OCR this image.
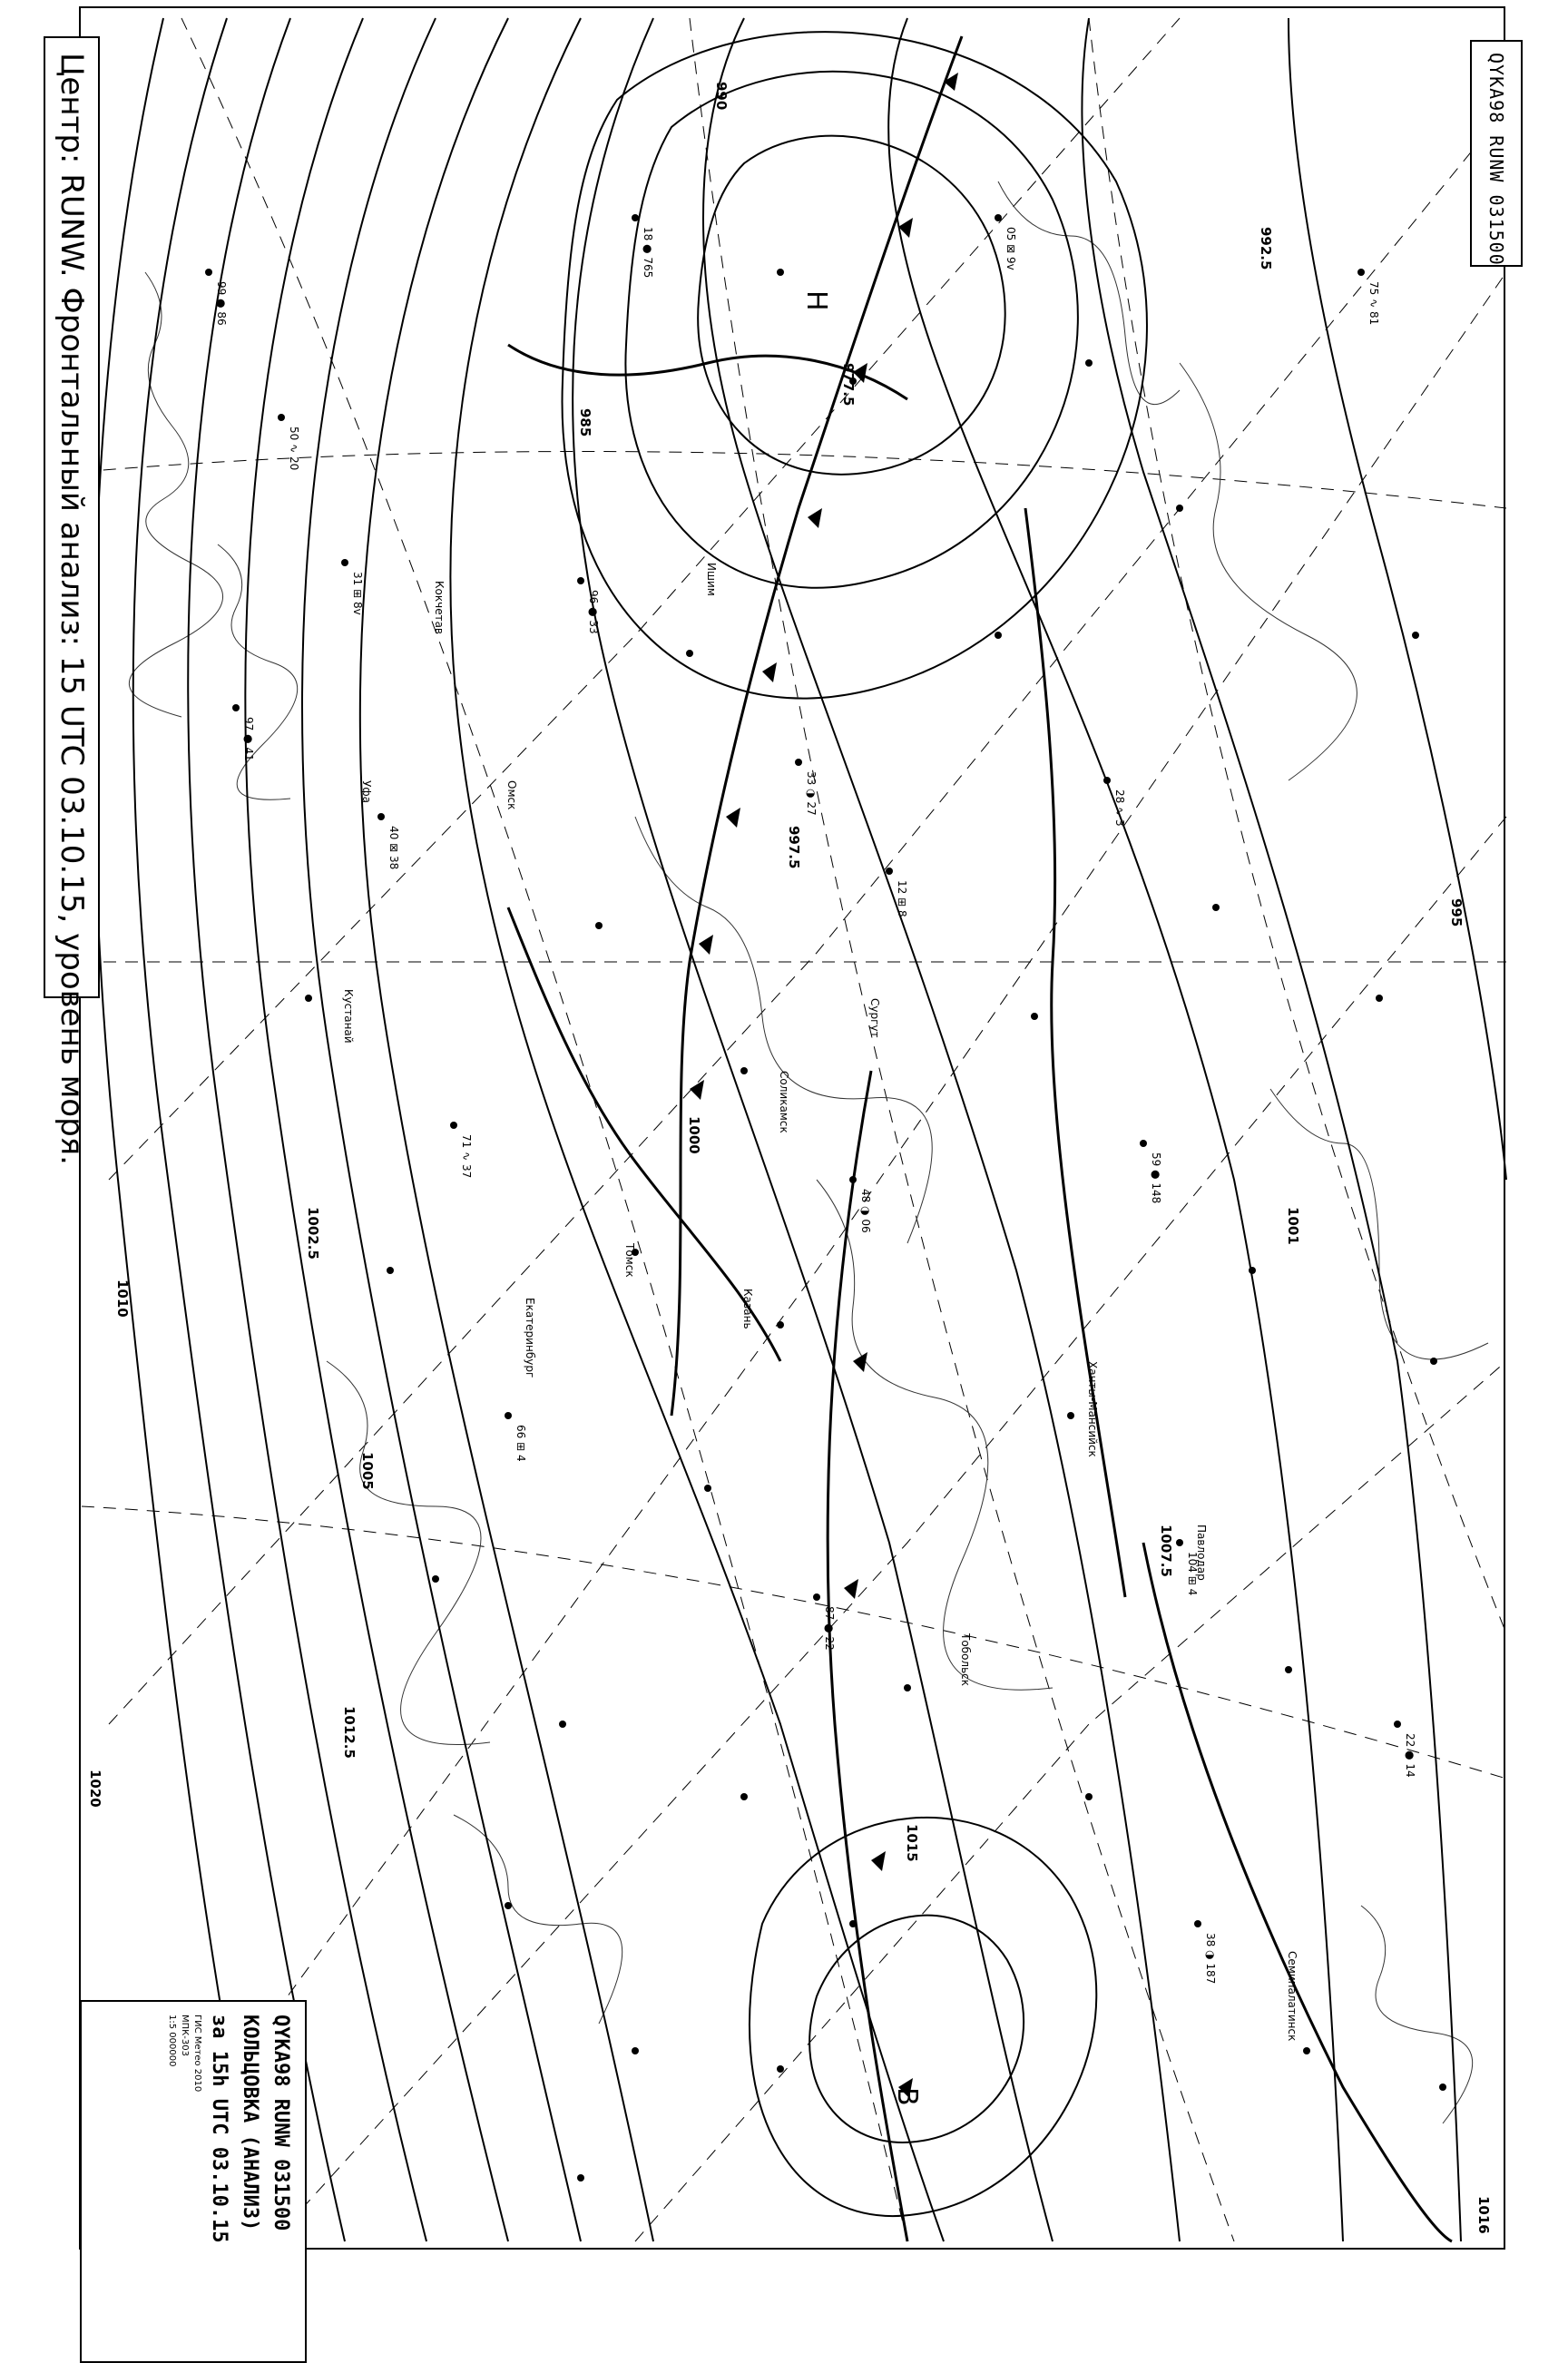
992.5
977.5
985
990
995
997.5
1000
1001
1002.5
1005
1007.5
1010
1012.5
1015
1016
1020
Н
В
Томск
Кокчетав
Уфа	Омск
Кустанай
Соликамск
Екатеринбург	Казань
Сургут
Ханты-Мансийск
Тобольск
Павлодар
Семипалатинск
Ишим
99 ● 86
50 ∿ 20
31 ⊞ 8v
97 ● 41
40 ⊠ 38
18 ● 765
96 ● 33
33 ◑ 27
12 ⊞ 8
71 ∿ 37
48 ◑ 06
66 ⊞ 4
87 ● 22
05 ⊠ 9v
28 ∿ 3
59 ● 148
104 ⊞ 4
38 ◑ 187
75 ∿ 81
22 ● 14
Центр: RUNW. Фронтальный анализ: 15 UTC 03.10.15, уровень моря.	QYKA98 RUNW 031500
QYKA98 RUNW 031500
КОЛЬЦОВКА (АНАЛИЗ)
за 15h UTC 03.10.15
ГИС Метео 2010
МПК-303
1:5 000000
